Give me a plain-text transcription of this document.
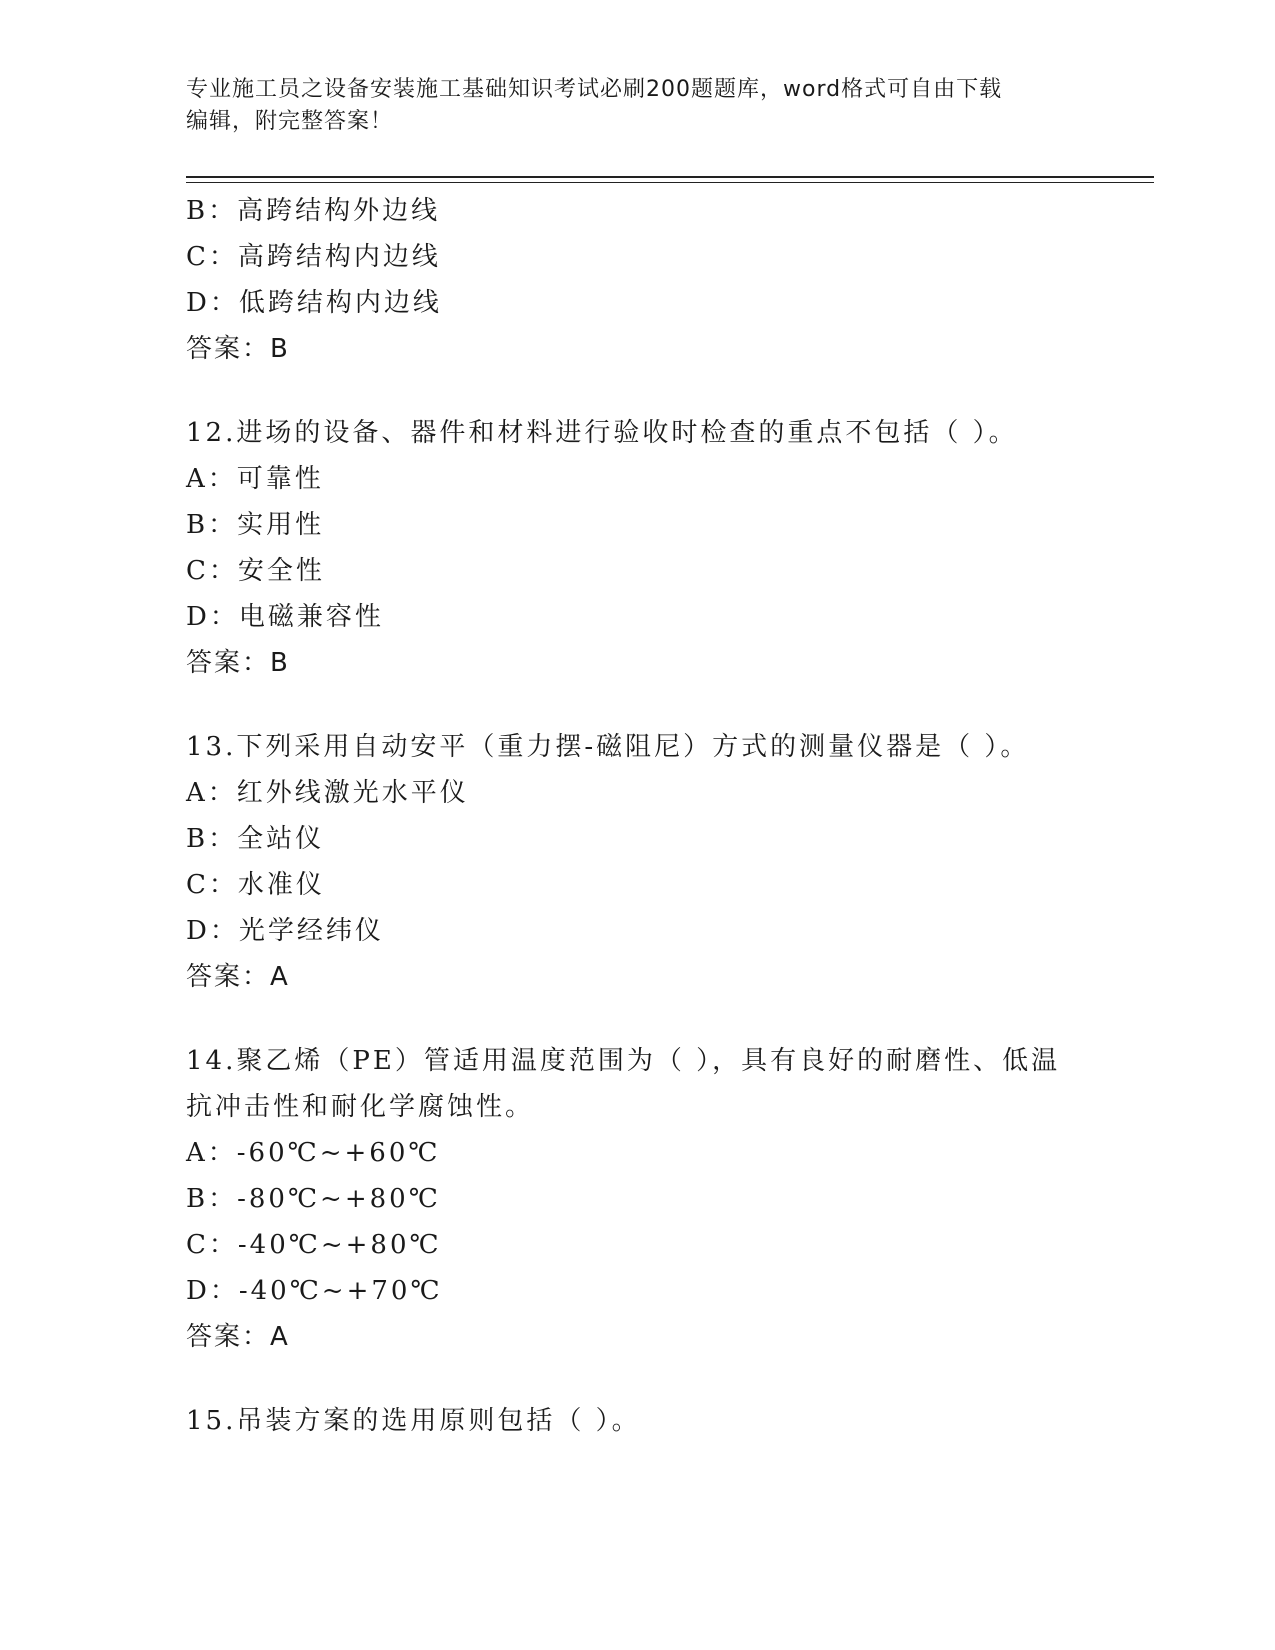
专业施工员之设备安装施工基础知识考试必刷200题题库，word格式可自由下载
编辑，附完整答案！
B：高跨结构外边线
C：高跨结构内边线
D：低跨结构内边线
答案：B
12.进场的设备、器件和材料进行验收时检查的重点不包括（ ）。
A：可靠性
B：实用性
C：安全性
D：电磁兼容性
答案：B
13.下列采用自动安平（重力摆-磁阻尼）方式的测量仪器是（ ）。
A：红外线激光水平仪
B：全站仪
C：水准仪
D：光学经纬仪
答案：A
14.聚乙烯（PE）管适用温度范围为（ ），具有良好的耐磨性、低温
抗冲击性和耐化学腐蚀性。
A：-60℃~+60℃
B：-80℃~+80℃
C：-40℃~+80℃
D：-40℃~+70℃
答案：A
15.吊装方案的选用原则包括（ ）。
